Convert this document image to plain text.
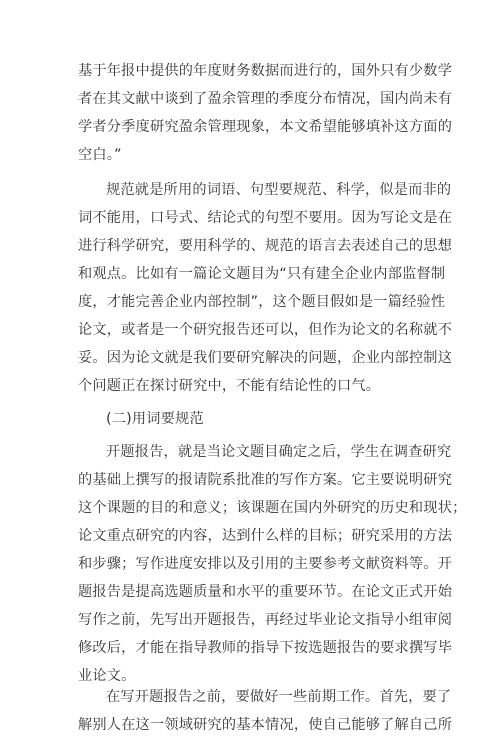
基于年报中提供的年度财务数据而进行的，国外只有少数学
者在其文献中谈到了盈余管理的季度分布情况，国内尚未有
学者分季度研究盈余管理现象，本文希望能够填补这方面的
空白。”
规范就是所用的词语、句型要规范、科学，似是而非的
词不能用，口号式、结论式的句型不要用。因为写论文是在
进行科学研究，要用科学的、规范的语言去表述自己的思想
和观点。比如有一篇论文题目为“只有建全企业内部监督制
度，才能完善企业内部控制”，这个题目假如是一篇经验性
论文，或者是一个研究报告还可以，但作为论文的名称就不
妥。因为论文就是我们要研究解决的问题，企业内部控制这
个问题正在探讨研究中，不能有结论性的口气。
(二)用词要规范
开题报告，就是当论文题目确定之后，学生在调查研究
的基础上撰写的报请院系批准的写作方案。它主要说明研究
这个课题的目的和意义；该课题在国内外研究的历史和现状；
论文重点研究的内容，达到什么样的目标；研究采用的方法
和步骤；写作进度安排以及引用的主要参考文献资料等。开
题报告是提高选题质量和水平的重要环节。在论文正式开始
写作之前，先写出开题报告，再经过毕业论文指导小组审阅
修改后，才能在指导教师的指导下按选题报告的要求撰写毕
业论文。
在写开题报告之前，要做好一些前期工作。首先，要了
解别人在这一领域研究的基本情况，使自己能够了解自己所
